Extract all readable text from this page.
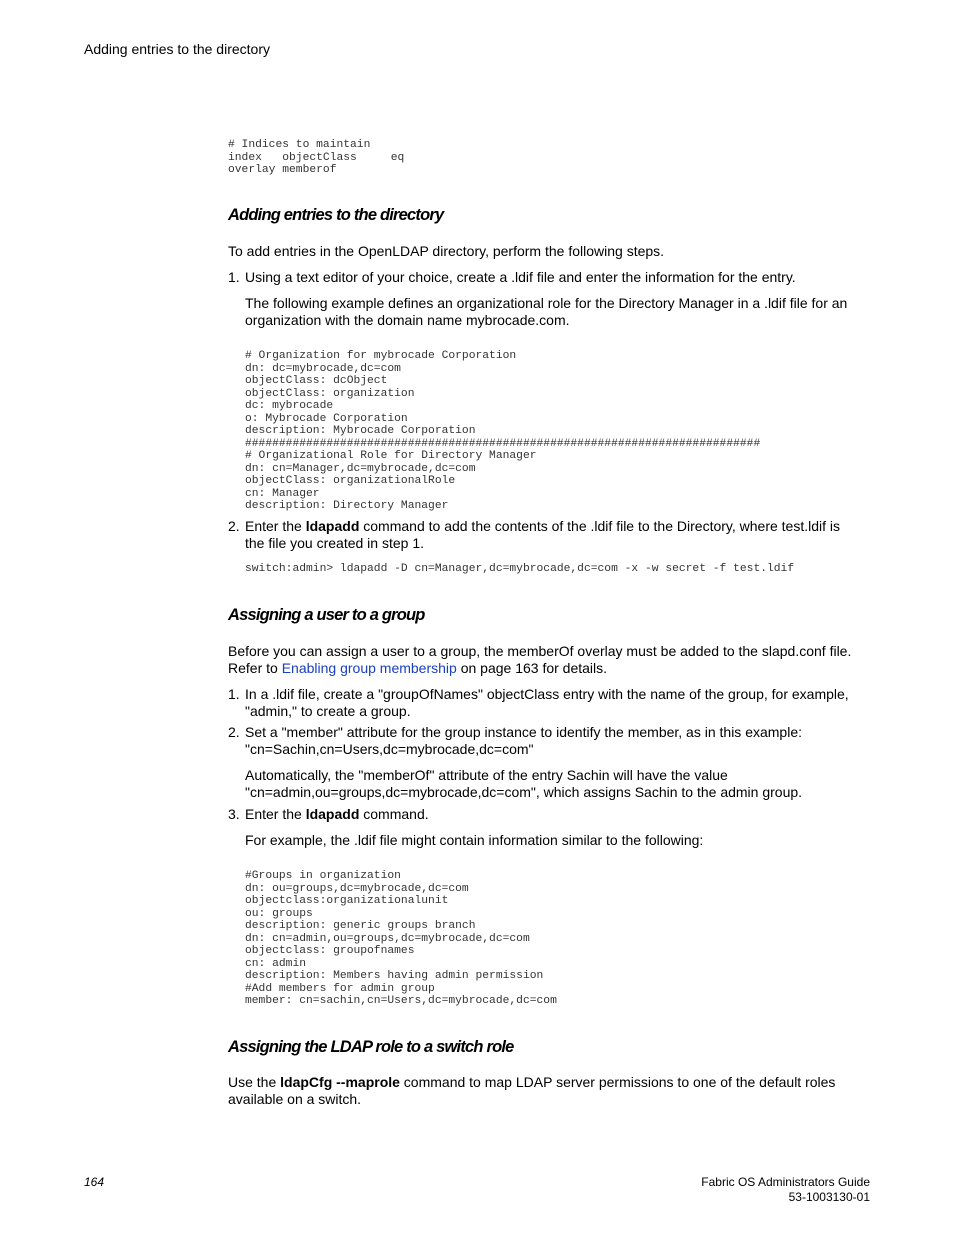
Adding entries to the directory
# Indices to maintain
index   objectClass     eq
overlay memberof
Adding entries to the directory
To add entries in the OpenLDAP directory, perform the following steps.
1. Using a text editor of your choice, create a .ldif file and enter the information for the entry.
The following example defines an organizational role for the Directory Manager in a .ldif file for an organization with the domain name mybrocade.com.
# Organization for mybrocade Corporation
dn: dc=mybrocade,dc=com
objectClass: dcObject
objectClass: organization
dc: mybrocade
o: Mybrocade Corporation
description: Mybrocade Corporation
############################################################################
# Organizational Role for Directory Manager
dn: cn=Manager,dc=mybrocade,dc=com
objectClass: organizationalRole
cn: Manager
description: Directory Manager
2. Enter the ldapadd command to add the contents of the .ldif file to the Directory, where test.ldif is the file you created in step 1.
switch:admin> ldapadd -D cn=Manager,dc=mybrocade,dc=com -x -w secret -f test.ldif
Assigning a user to a group
Before you can assign a user to a group, the memberOf overlay must be added to the slapd.conf file. Refer to Enabling group membership on page 163 for details.
1. In a .ldif file, create a "groupOfNames" objectClass entry with the name of the group, for example, "admin," to create a group.
2. Set a "member" attribute for the group instance to identify the member, as in this example: "cn=Sachin,cn=Users,dc=mybrocade,dc=com"
Automatically, the "memberOf" attribute of the entry Sachin will have the value "cn=admin,ou=groups,dc=mybrocade,dc=com", which assigns Sachin to the admin group.
3. Enter the ldapadd command.
For example, the .ldif file might contain information similar to the following:
#Groups in organization
dn: ou=groups,dc=mybrocade,dc=com
objectclass:organizationalunit
ou: groups
description: generic groups branch
dn: cn=admin,ou=groups,dc=mybrocade,dc=com
objectclass: groupofnames
cn: admin
description: Members having admin permission
#Add members for admin group
member: cn=sachin,cn=Users,dc=mybrocade,dc=com
Assigning the LDAP role to a switch role
Use the ldapCfg --maprole command to map LDAP server permissions to one of the default roles available on a switch.
164	Fabric OS Administrators Guide
53-1003130-01
